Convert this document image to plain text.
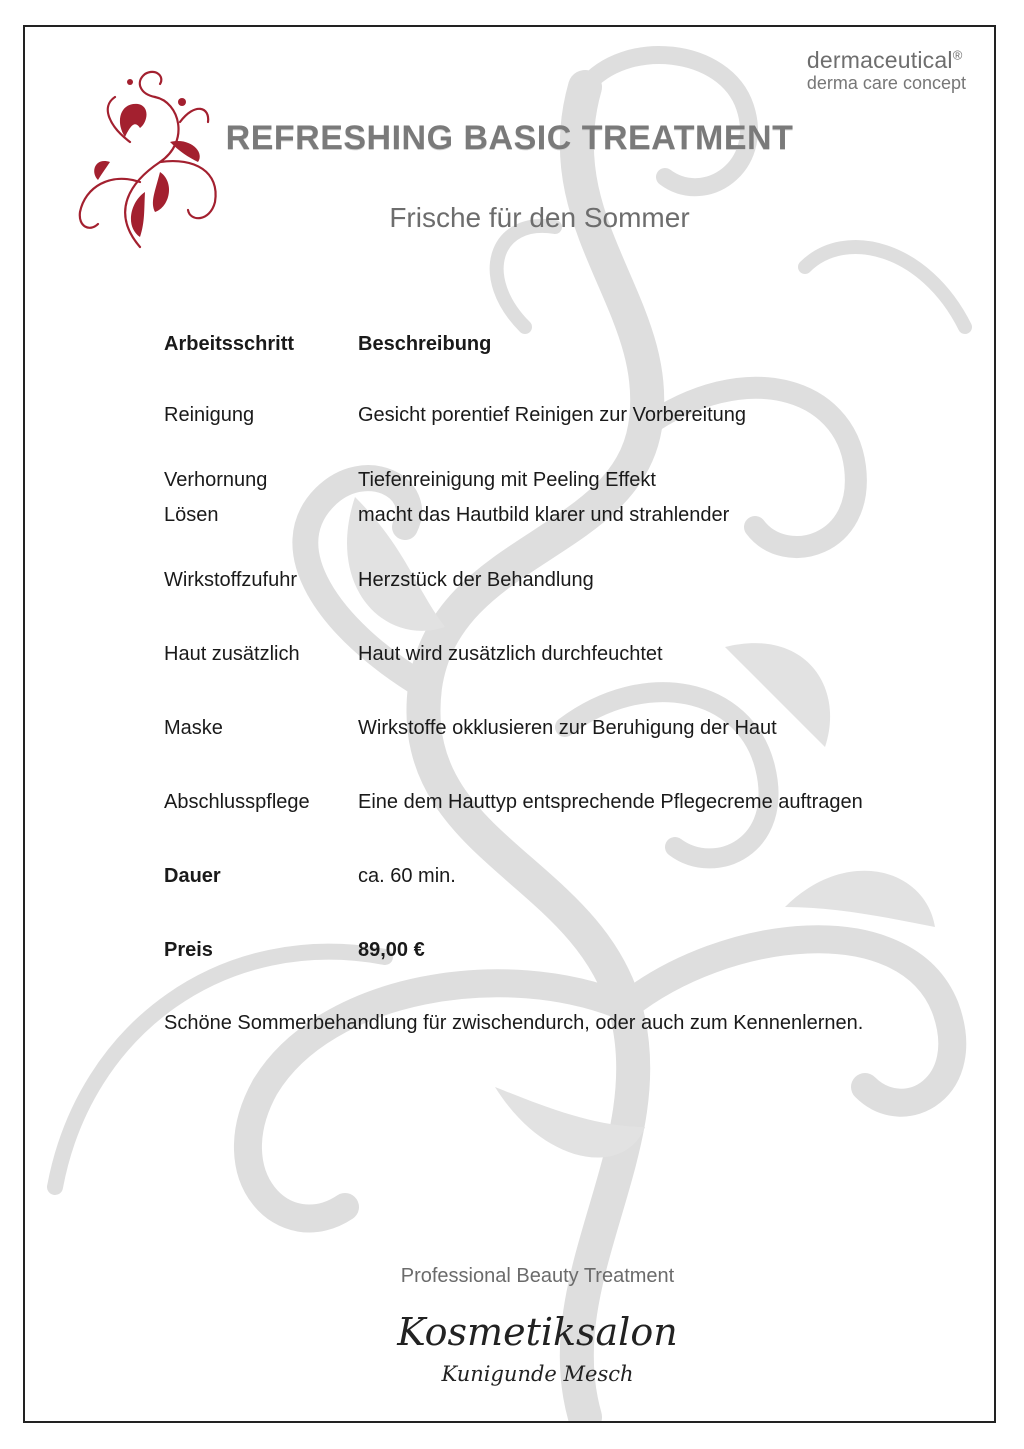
dermaceutical®
derma care concept
REFRESHING BASIC TREATMENT
Frische für den Sommer
Arbeitsschritt	Beschreibung
Reinigung	Gesicht porentief Reinigen zur Vorbereitung
Verhornung	Tiefenreinigung mit Peeling Effekt
Lösen	macht das Hautbild klarer und strahlender
Wirkstoffzufuhr	Herzstück der Behandlung
Haut zusätzlich	Haut wird zusätzlich durchfeuchtet
Maske	Wirkstoffe okklusieren zur Beruhigung der Haut
Abschlusspflege	Eine dem Hauttyp entsprechende Pflegecreme auftragen
Dauer	ca. 60 min.
Preis	89,00 €
Schöne Sommerbehandlung für zwischendurch, oder auch zum Kennenlernen.
Professional Beauty Treatment
Kosmetiksalon
Kunigunde Mesch
